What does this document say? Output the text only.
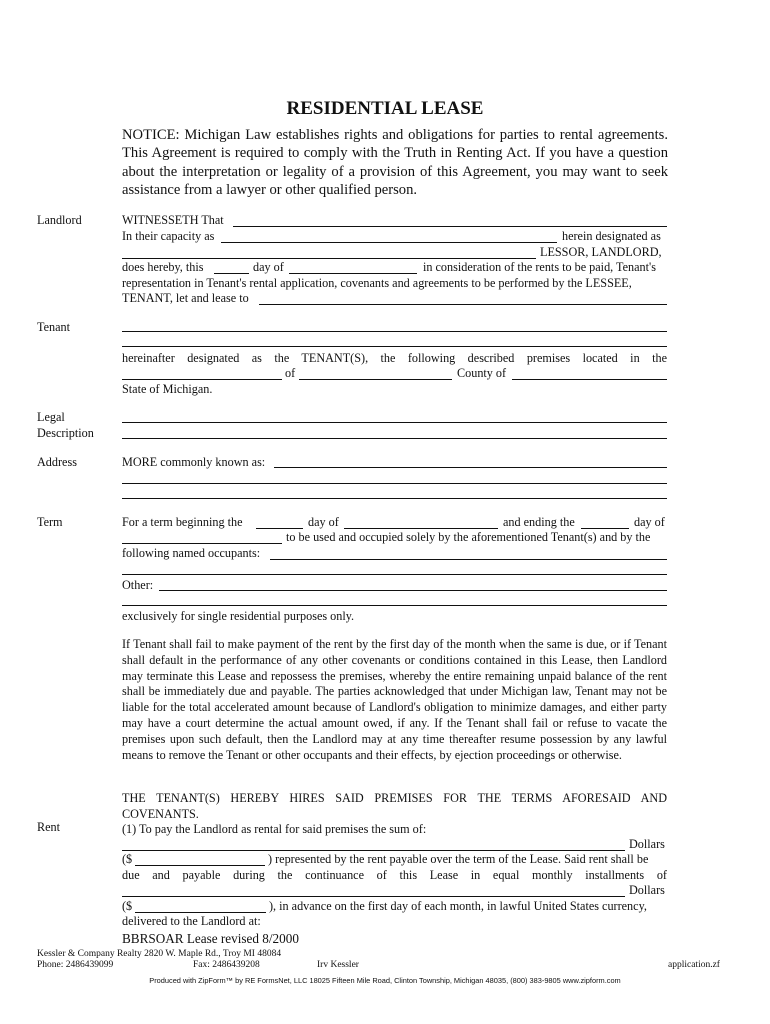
RESIDENTIAL LEASE
NOTICE: Michigan Law establishes rights and obligations for parties to rental agreements. This Agreement is required to comply with the Truth in Renting Act. If you have a question about the interpretation or legality of a provision of this Agreement, you may want to seek assistance from a lawyer or other qualified person.
Landlord
Tenant
Legal
Description
Address
Term
Rent
WITNESSETH That
In their capacity as	herein designated as
LESSOR, LANDLORD,
does hereby, this	day of	in consideration of the rents to be paid, Tenant's
representation in Tenant's rental application, covenants and agreements to be performed by the LESSEE,
TENANT, let and lease to
hereinafter designated as the TENANT(S), the following described premises located in the
of	County of
State of Michigan.
MORE commonly known as:
For a term beginning the	day of	and ending the	day of
to be used and occupied solely by the aforementioned Tenant(s) and by the
following named occupants:
Other:
exclusively for single residential purposes only.
If Tenant shall fail to make payment of the rent by the first day of the month when the same is due, or if Tenant shall default in the performance of any other covenants or conditions contained in this Lease, then Landlord may terminate this Lease and repossess the premises, whereby the entire remaining unpaid balance of the rent shall be immediately due and payable. The parties acknowledged that under Michigan law, Tenant may not be liable for the total accelerated amount because of Landlord's obligation to minimize damages, and either party may have a court determine the actual amount owed, if any. If the Tenant shall fail or refuse to vacate the premises upon such default, then the Landlord may at any time thereafter resume possession by any lawful means to remove the Tenant or other occupants and their effects, by ejection proceedings or otherwise.
THE TENANT(S) HEREBY HIRES SAID PREMISES FOR THE TERMS AFORESAID AND COVENANTS.
(1) To pay the Landlord as rental for said premises the sum of:
Dollars
($	) represented by the rent payable over the term of the Lease. Said rent shall be
due and payable during the continuance of this Lease in equal monthly installments of
Dollars
($	), in advance on the first day of each month, in lawful United States currency,
delivered to the Landlord at:
BBRSOAR Lease revised 8/2000
Kessler & Company Realty 2820 W. Maple Rd., Troy MI 48084
Phone: 2486439099	Fax: 2486439208	Irv Kessler	application.zf
Produced with ZipForm™ by RE FormsNet, LLC 18025 Fifteen Mile Road, Clinton Township, Michigan 48035, (800) 383-9805 www.zipform.com
